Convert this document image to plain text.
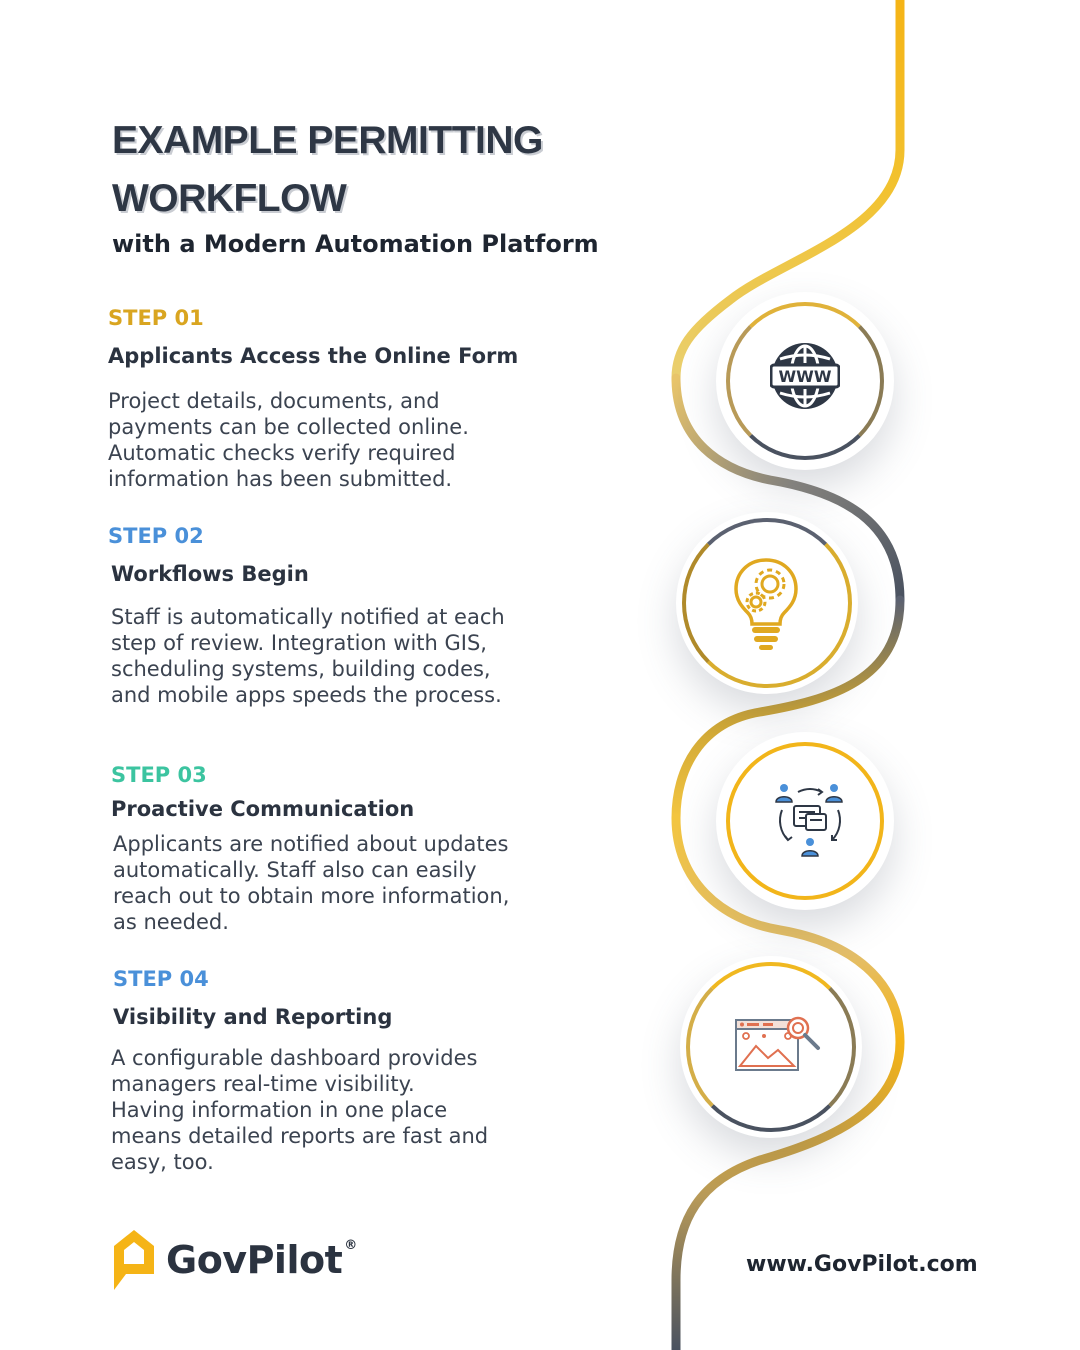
EXAMPLE PERMITTING
WORKFLOW

with a Modern Automation Platform

WWW

STEP 01

Applicants Access the Online Form

Project details, documents, and payments can be collected online. Automatic checks verify required information has been submitted.

STEP 02

Workflows Begin

Staff is automatically notified at each step of review. Integration with GIS, scheduling systems, building codes, and mobile apps speeds the process.

STEP 03

Proactive Communication

Applicants are notified about updates automatically. Staff also can easily reach out to obtain more information, as needed.

STEP 04

Visibility and Reporting

A configurable dashboard provides managers real-time visibility. Having information in one place means detailed reports are fast and easy, too.

GovPilot ®
www.GovPilot.com
